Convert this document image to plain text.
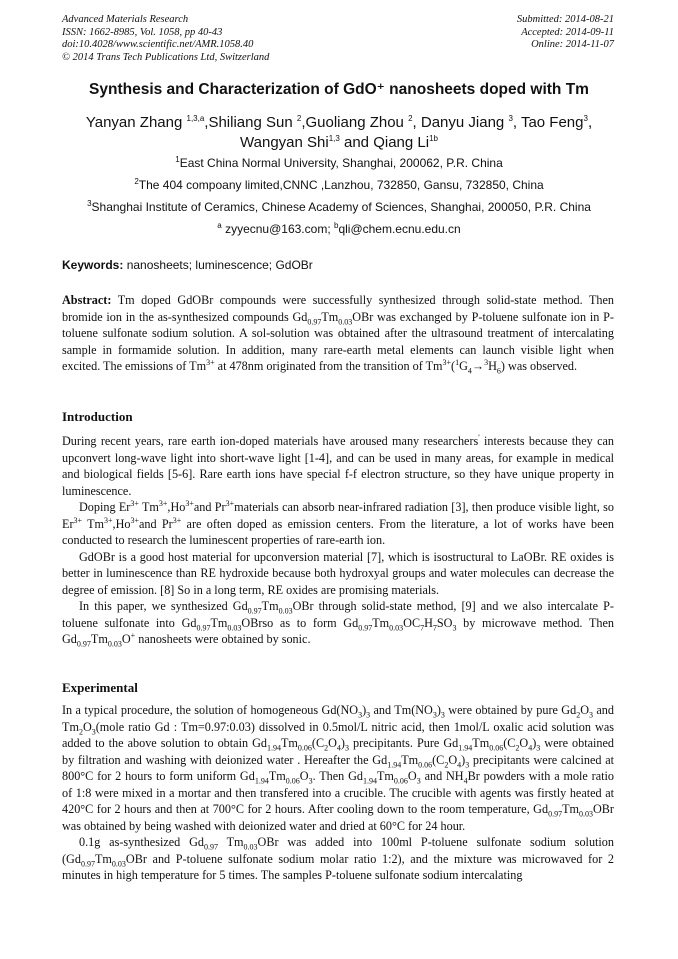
Advanced Materials Research
ISSN: 1662-8985, Vol. 1058, pp 40-43
doi:10.4028/www.scientific.net/AMR.1058.40
© 2014 Trans Tech Publications Ltd, Switzerland
Submitted: 2014-08-21
Accepted: 2014-09-11
Online: 2014-11-07
Synthesis and Characterization of GdO⁺ nanosheets doped with Tm
Yanyan Zhang $^{1,3,a}$,Shiliang Sun $^2$,Guoliang Zhou $^2$, Danyu Jiang $^3$, Tao Feng$^3$,
Wangyan Shi$^{1,3}$ and Qiang $Li^{1b}$
$^1$East China Normal University, Shanghai, 200062, P.R. China
$^2$The 404 compoany limited,CNNC ,Lanzhou, 732850, Gansu, 732850, China
$^3$Shanghai Institute of Ceramics, Chinese Academy of Sciences, Shanghai, 200050, P.R. China
$^a$ zyyecnu@163.com; $^b$qli@chem.ecnu.edu.cn
Keywords: nanosheets; luminescence; GdOBr

Abstract: Tm doped GdOBr compounds were successfully synthesized through solid-state method. Then bromide ion in the as-synthesized compounds $Gd_{0.97}Tm_{0.03}OBr$ was exchanged by P-toluene sulfonate ion in P-toluene sulfonate sodium solution. A sol-solution was obtained after the ultrasound treatment of intercalating sample in formamide solution. In addition, many rare-earth metal elements can launch visible light when excited. The emissions of $Tm^{3+}$ at 478nm originated from the transition of $Tm^{3+}(^1G_4\to^3H_6)$ was observed.

Introduction

During recent years, rare earth ion-doped materials have aroused many researchers' interests because they can upconvert long-wave light into short-wave light [1-4], and can be used in many areas, for example in medical and biological fields [5-6]. Rare earth ions have special f-f electron structure, so they have unique property in luminescence.

Doping $Er^{3+}$ $Tm^{3+},Ho^{3+}and$ $Pr^{3+}materials$ can absorb near-infrared radiation [3], then produce visible light, so $Er^{3+}$ $Tm^{3+},Ho^{3+}and$ $Pr^{3+}$ are often doped as emission centers. From the literature, a lot of works have been conducted to research the luminescent properties of rare-earth ion.

GdOBr is a good host material for upconversion material [7], which is isostructural to LaOBr. RE oxides is better in luminescence than RE hydroxide because both hydroxyal groups and water molecules can decrease the degree of emission. [8] So in a long term, RE oxides are promising materials.

In this paper, we synthesized $Gd_{0.97}Tm_{0.03}OBr$ through solid-state method, [9] and we also intercalate P-toluene sulfonate into $Gd_{0.97}Tm_{0.03}OBrso$ as to form $Gd_{0.97}Tm_{0.03}OC_7H_7SO_3$ by microwave method. Then $Gd_{0.97}Tm_{0.03}O^+$ nanosheets were obtained by sonic.

Experimental

In a typical procedure, the solution of homogeneous $Gd(NO_3)_3$ and $Tm(NO_3)_3$ were obtained by pure $Gd_2O_3$ and $Tm_2O_3(mole$ ratio Gd : Tm=0.97:0.03) dissolved in 0.5mol/L nitric acid, then 1mol/L oxalic acid solution was added to the above solution to obtain $Gd_{1.94}Tm_{0.06}(C_2O_4)_3$ precipitants. Pure $Gd_{1.94}Tm_{0.06}(C_2O_4)_3$ were obtained by filtration and washing with deionized water . Hereafter the $Gd_{1.94}Tm_{0.06}(C_2O_4)_3$ precipitants were calcined at 800°C for 2 hours to form uniform $Gd_{1.94}Tm_{0.06}O_3$. Then $Gd_{1.94}Tm_{0.06}O_3$ and $NH_4Br$ powders with a mole ratio of 1:8 were mixed in a mortar and then transfered into a crucible. The crucible with agents was firstly heated at 420°C for 2 hours and then at 700°C for 2 hours. After cooling down to the room temperature, $Gd_{0.97}Tm_{0.03}OBr$ was obtained by being washed with deionized water and dried at 60°C for 24 hour.

0.1g as-synthesized $Gd_{0.97}$ $Tm_{0.03}OBr$ was added into 100ml P-toluene sulfonate sodium solution ($Gd_{0.97}Tm_{0.03}OBr$ and P-toluene sulfonate sodium molar ratio 1:2), and the mixture was microwaved for 2 minutes in high temperature for 5 times. The samples P-toluene sulfonate sodium intercalating
